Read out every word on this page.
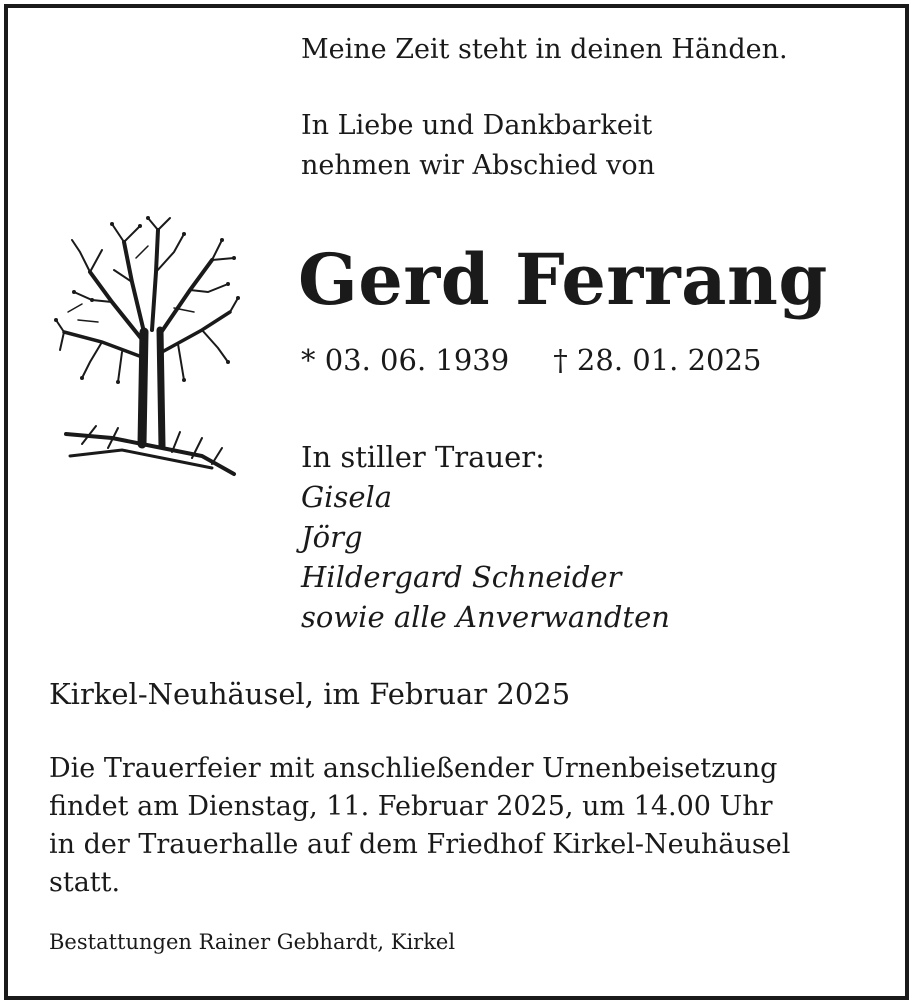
Meine Zeit steht in deinen Händen.
In Liebe und Dankbarkeit
nehmen wir Abschied von
Gerd Ferrang
* 03. 06. 1939 † 28. 01. 2025
In stiller Trauer:
Gisela
Jörg
Hildergard Schneider
sowie alle Anverwandten
Kirkel-Neuhäusel, im Februar 2025
Die Trauerfeier mit anschließender Urnenbeisetzung
findet am Dienstag, 11. Februar 2025, um 14.00 Uhr
in der Trauerhalle auf dem Friedhof Kirkel-Neuhäusel
statt.
Bestattungen Rainer Gebhardt, Kirkel
